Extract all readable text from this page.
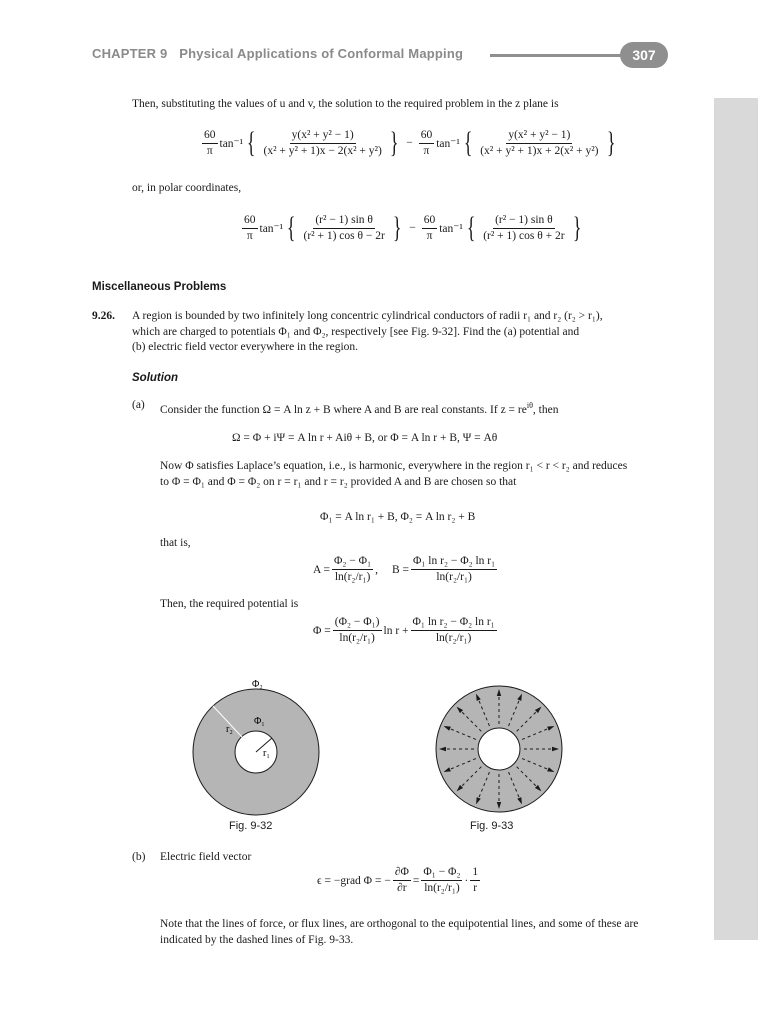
CHAPTER 9 Physical Applications of Conformal Mapping	307
Then, substituting the values of u and v, the solution to the required problem in the z plane is
$\frac{60}{\pi} \tan^{-1}$ { $\frac{\text{y(x² + y² − 1)}}{\text{(x² + y² + 1)x − 2(x² + y²)}}$ } − $\frac{60}{\pi} \tan^{-1}$ { $\frac{\text{y(x² + y² − 1)}}{\text{(x² + y² + 1)x + 2(x² + y²)}}$ }
or, in polar coordinates,
$\frac{60}{\pi} \tan^{-1}$ { $\frac{\text{(r² − 1) sin θ}}{\text{(r² + 1) cos θ − 2r}}$ } − $\frac{60}{\pi} \tan^{-1}$ { $\frac{\text{(r² − 1) sin θ}}{\text{(r² + 1) cos θ + 2r}}$ }
Miscellaneous Problems
9.26. A region is bounded by two infinitely long concentric cylindrical conductors of radii r₁ and r₂ (r₂ > r₁),
which are charged to potentials Φ₁ and Φ₂, respectively [see Fig. 9-32]. Find the (a) potential and
(b) electric field vector everywhere in the region.
Solution
(a) Consider the function Ω = A ln z + B where A and B are real constants. If $z = re^{i\theta}$, then
Ω = Φ + iΨ = A ln r + Aiθ + B, or Φ = A ln r + B, Ψ = Aθ
Now Φ satisfies Laplace’s equation, i.e., is harmonic, everywhere in the region r₁ < r < r₂ and reduces
to Φ = Φ₁ and Φ = Φ₂ on r = r₁ and r = r₂ provided A and B are chosen so that
Φ₁ = A ln r₁ + B, Φ₂ = A ln r₂ + B
that is,
$A = \frac{\text{Φ₂ − Φ₁}}{\text{ln(r₂/r₁)}}$ , $B = \frac{\text{Φ₁ ln r₂ − Φ₂ ln r₁}}{\text{ln(r₂/r₁)}}$
Then, the required potential is
$\Phi = \frac{\text{(Φ₂ − Φ₁)}}{\text{ln(r₂/r₁)}}$ $\ln r + \frac{\text{Φ₁ ln r₂ − Φ₂ ln r₁}}{\text{ln(r₂/r₁)}}$
Φ₂
Φ₁
r₂
r₁
Fig. 9-32	Fig. 9-33
(b) Electric field vector
ϵ = −grad Φ = − $\frac{\partial\Phi}{\partial r} = \frac{\text{Φ₁ − Φ₂}}{\text{ln(r₂/r₁)}} \cdot \frac{1}{r}$
Note that the lines of force, or flux lines, are orthogonal to the equipotential lines, and some of these are
indicated by the dashed lines of Fig. 9-33.
